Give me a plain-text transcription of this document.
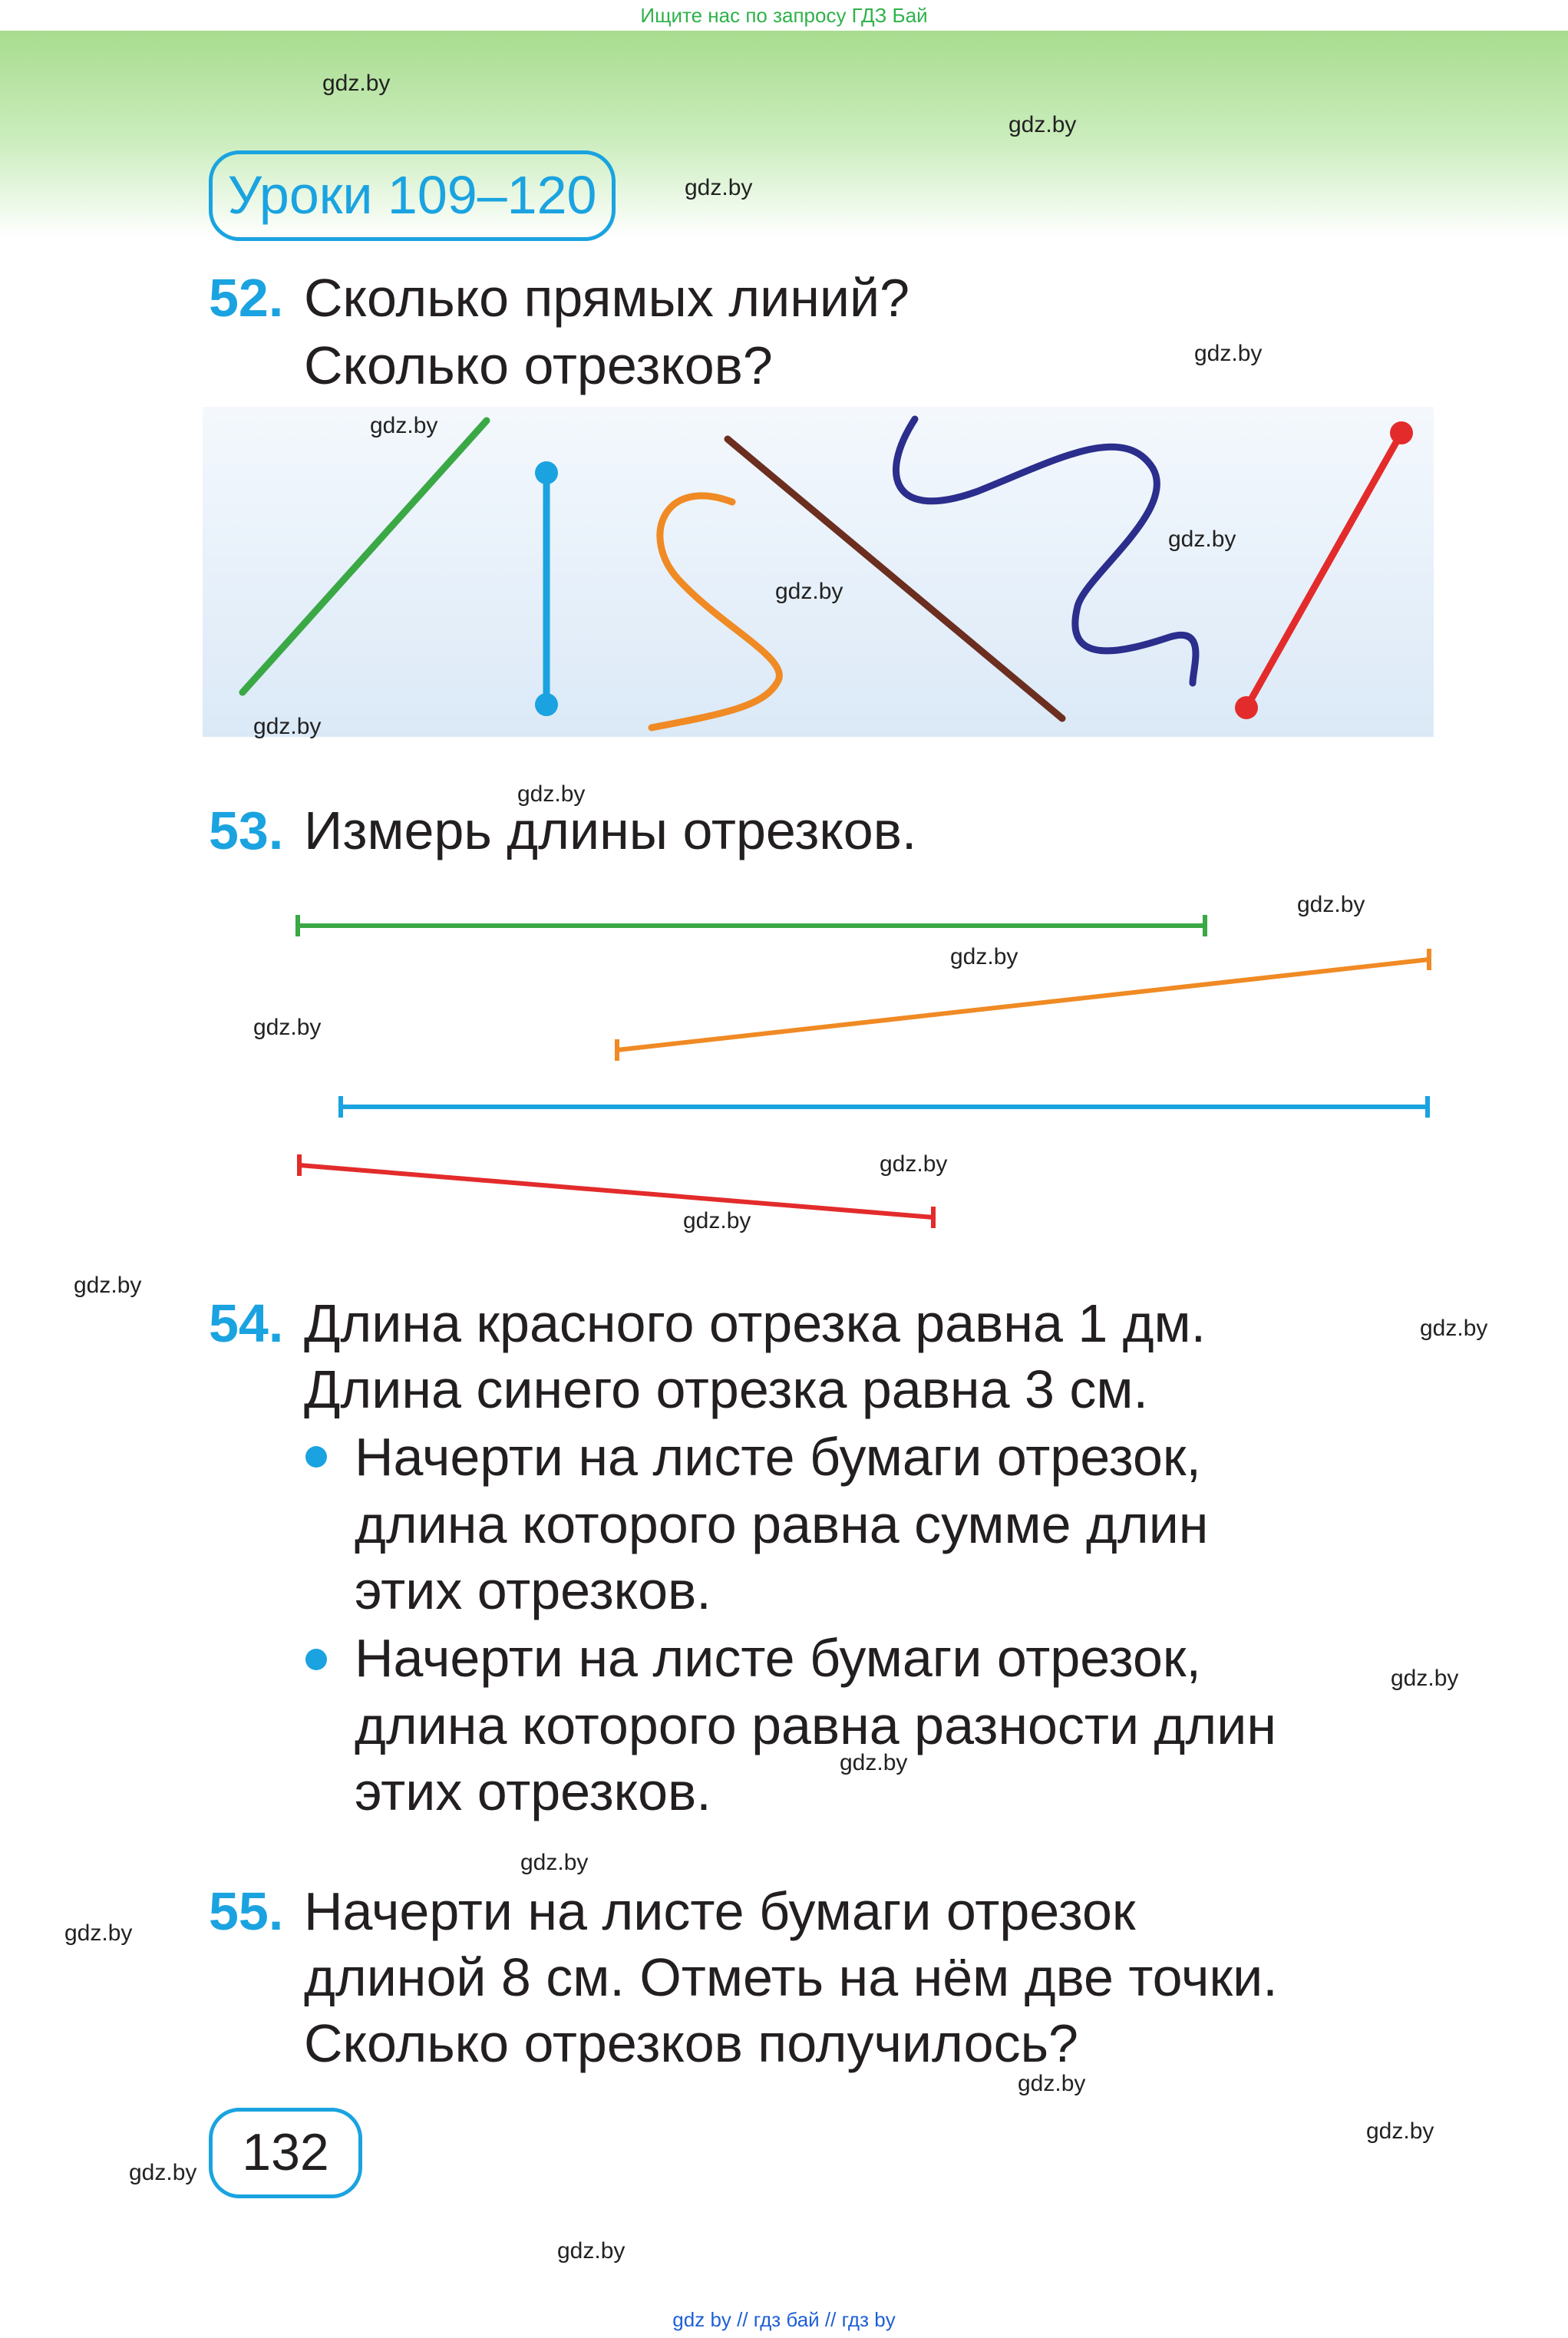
Ищите нас по запросу ГДЗ Бай
gdz.by
gdz.by
gdz.by
gdz.by
Уроки 109–120
52. Сколько прямых линий?
Сколько отрезков?
gdz.by
gdz.by
gdz.by
gdz.by
gdz.by
53. Измерь длины отрезков.
gdz.by
gdz.by
gdz.by
gdz.by
gdz.by
gdz.by
54. Длина красного отрезка равна 1 дм.
Длина синего отрезка равна 3 см.
gdz.by
Начерти на листе бумаги отрезок,
длина которого равна сумме длин
этих отрезков.
Начерти на листе бумаги отрезок,
длина которого равна разности длин
этих отрезков.
gdz.by
gdz.by
gdz.by
55. Начерти на листе бумаги отрезок
длиной 8 см. Отметь на нём две точки.
Сколько отрезков получилось?
gdz.by
gdz.by
gdz.by
132
gdz.by
gdz.by
gdz by // гдз бай // гдз by
